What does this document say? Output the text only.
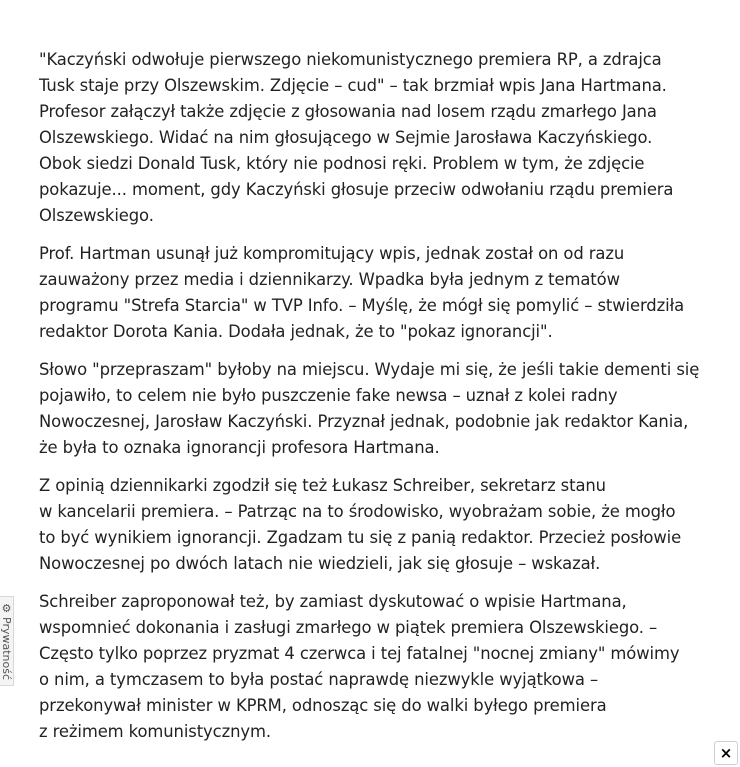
"Kaczyński odwołuje pierwszego niekomunistycznego premiera RP, a zdrajca
Tusk staje przy Olszewskim. Zdjęcie – cud" – tak brzmiał wpis Jana Hartmana.
Profesor załączył także zdjęcie z głosowania nad losem rządu zmarłego Jana
Olszewskiego. Widać na nim głosującego w Sejmie Jarosława Kaczyńskiego.
Obok siedzi Donald Tusk, który nie podnosi ręki. Problem w tym, że zdjęcie
pokazuje... moment, gdy Kaczyński głosuje przeciw odwołaniu rządu premiera
Olszewskiego.

Prof. Hartman usunął już kompromitujący wpis, jednak został on od razu
zauważony przez media i dziennikarzy. Wpadka była jednym z tematów
programu "Strefa Starcia" w TVP Info. – Myślę, że mógł się pomylić – stwierdziła
redaktor Dorota Kania. Dodała jednak, że to "pokaz ignorancji".

Słowo "przepraszam" byłoby na miejscu. Wydaje mi się, że jeśli takie dementi się
pojawiło, to celem nie było puszczenie fake newsa – uznał z kolei radny
Nowoczesnej, Jarosław Kaczyński. Przyznał jednak, podobnie jak redaktor Kania,
że była to oznaka ignorancji profesora Hartmana.

Z opinią dziennikarki zgodził się też Łukasz Schreiber, sekretarz stanu
w kancelarii premiera. – Patrząc na to środowisko, wyobrażam sobie, że mogło
to być wynikiem ignorancji. Zgadzam tu się z panią redaktor. Przecież posłowie
Nowoczesnej po dwóch latach nie wiedzieli, jak się głosuje – wskazał.

Schreiber zaproponował też, by zamiast dyskutować o wpisie Hartmana,
wspomnieć dokonania i zasługi zmarłego w piątek premiera Olszewskiego. –
Często tylko poprzez pryzmat 4 czerwca i tej fatalnej "nocnej zmiany" mówimy
o nim, a tymczasem to była postać naprawdę niezwykle wyjątkowa –
przekonywał minister w KPRM, odnosząc się do walki byłego premiera
z reżimem komunistycznym.

⚙
Prywatność
×
